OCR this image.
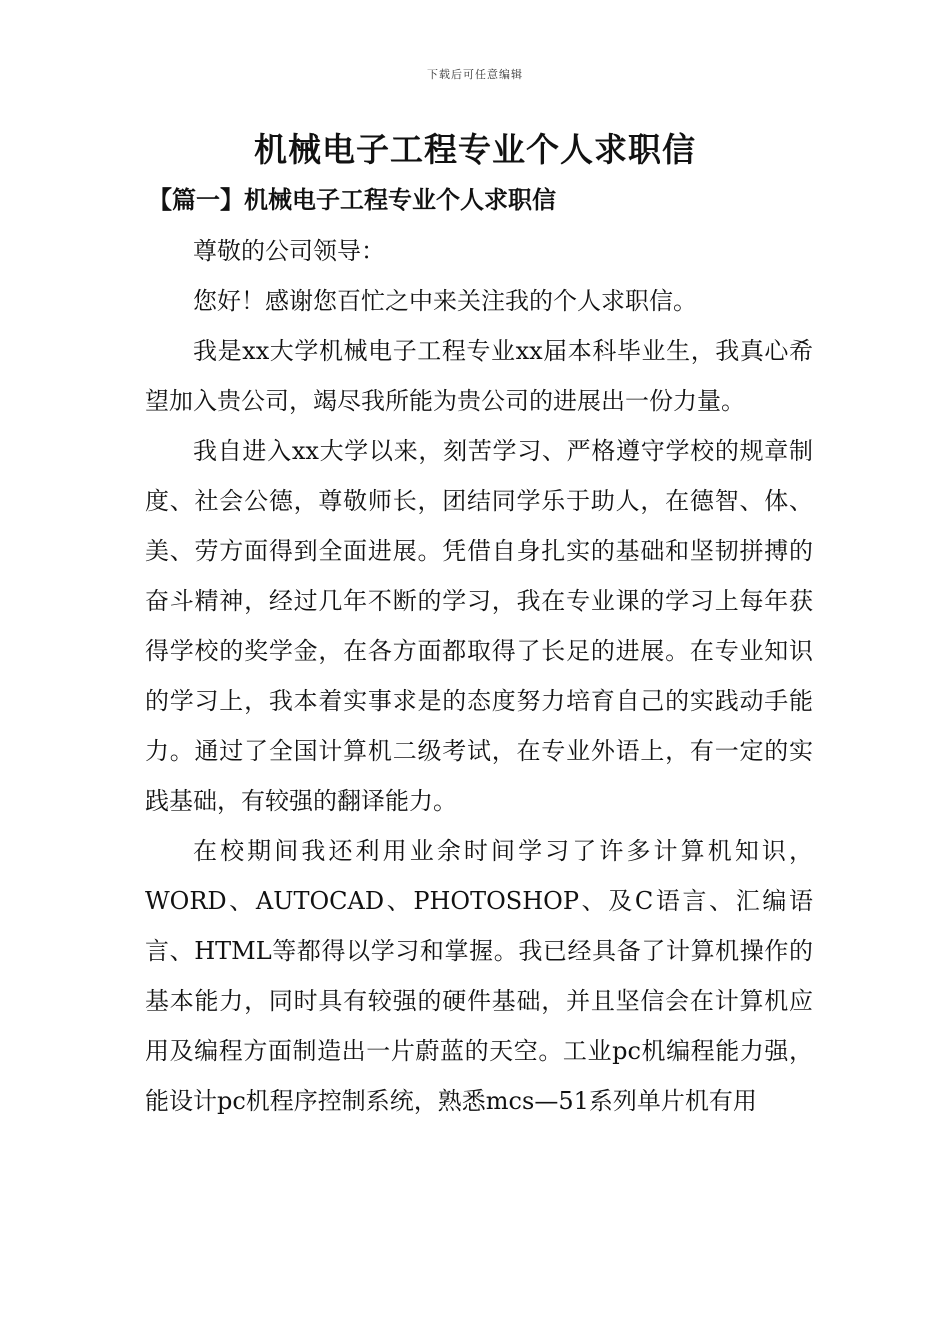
下载后可任意编辑
机械电子工程专业个人求职信
【篇一】机械电子工程专业个人求职信

尊敬的公司领导：

您好！感谢您百忙之中来关注我的个人求职信。

我是xx大学机械电子工程专业xx届本科毕业生，我真心希望加入贵公司，竭尽我所能为贵公司的进展出一份力量。

我自进入xx大学以来，刻苦学习、严格遵守学校的规章制度、社会公德，尊敬师长，团结同学乐于助人，在德智、体、美、劳方面得到全面进展。凭借自身扎实的基础和坚韧拼搏的奋斗精神，经过几年不断的学习，我在专业课的学习上每年获得学校的奖学金，在各方面都取得了长足的进展。在专业知识的学习上，我本着实事求是的态度努力培育自己的实践动手能力。通过了全国计算机二级考试，在专业外语上，有一定的实践基础，有较强的翻译能力。

在校期间我还利用业余时间学习了许多计算机知识，WORD、AUTOCAD、PHOTOSHOP、及C语言、汇编语言、HTML等都得以学习和掌握。我已经具备了计算机操作的基本能力，同时具有较强的硬件基础，并且坚信会在计算机应用及编程方面制造出一片蔚蓝的天空。工业pc机编程能力强，能设计pc机程序控制系统，熟悉mcs—51系列单片机有用
